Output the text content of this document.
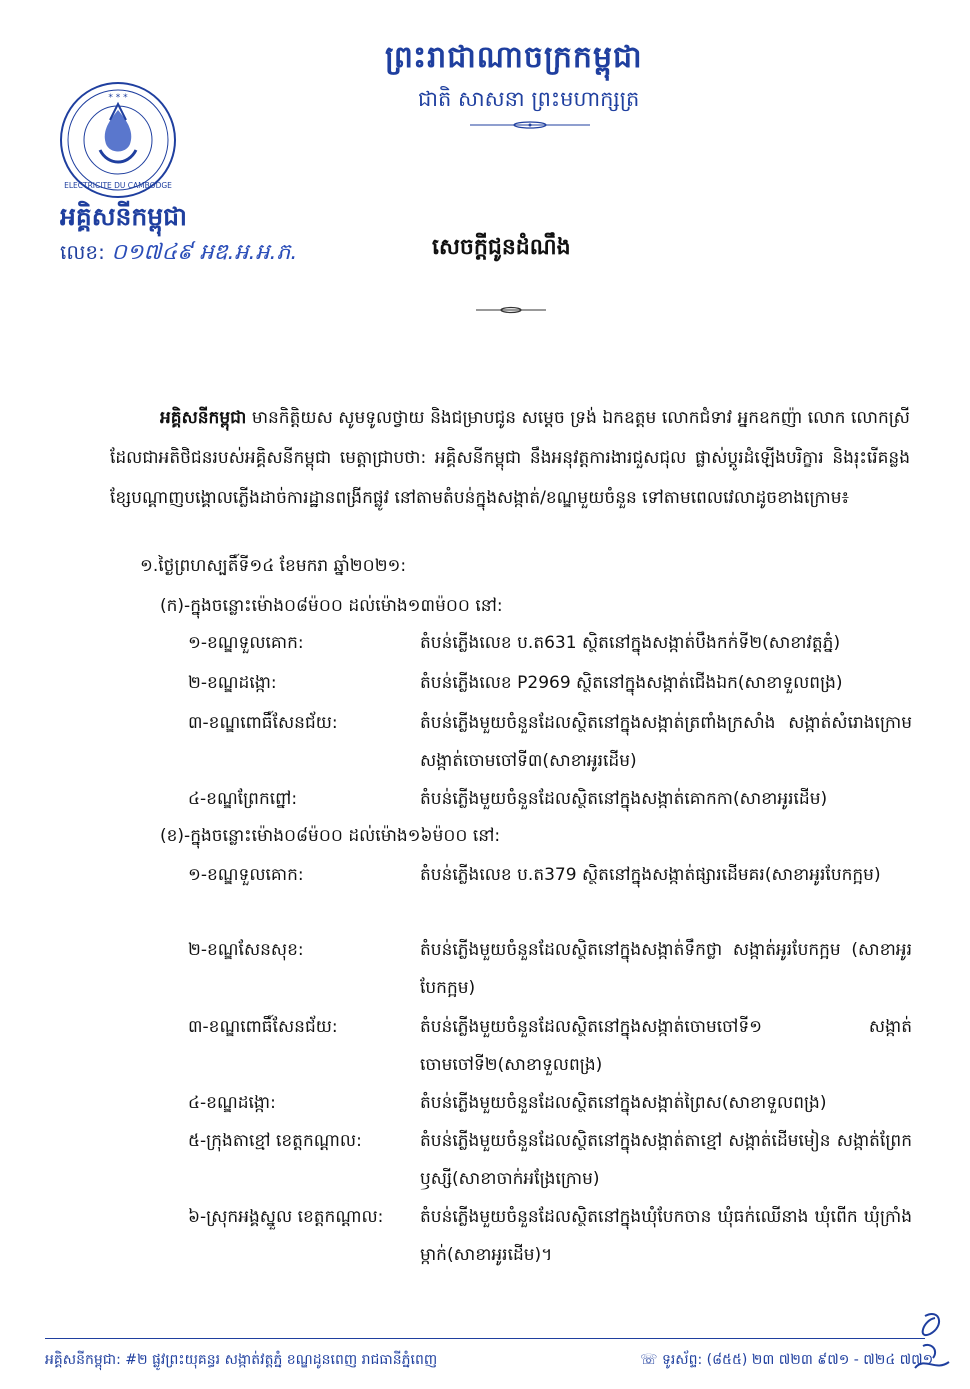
ព្រះរាជាណាចក្រកម្ពុជា
ជាតិ សាសនា ព្រះមហាក្សត្រ
* * *
ELECTRICITE DU CAMBODGE
អគ្គិសនីកម្ពុជា
លេខ: ០១៧៤៩ អឌ.អ.អ.ភ.	សេចក្តីជូនដំណឹង
អគ្គិសនីកម្ពុជា មានកិត្តិយស សូមទូលថ្វាយ និងជម្រាបជូន សម្តេច ទ្រង់ ឯកឧត្តម លោកជំទាវ អ្នកឧកញ៉ា លោក លោកស្រី ដែលជាអតិថិជនរបស់អគ្គិសនីកម្ពុជា មេត្តាជ្រាបថា: អគ្គិសនីកម្ពុជា នឹងអនុវត្តការងារជួសជុល ផ្លាស់ប្តូរដំឡើងបរិក្ខារ និងរុះរើគន្លងខ្សែបណ្តាញបង្គោលភ្លើងដាច់ការដ្ឋានពង្រីកផ្លូវ នៅតាមតំបន់ក្នុងសង្កាត់/ខណ្ឌមួយចំនួន ទៅតាមពេលវេលាដូចខាងក្រោម៖
១.ថ្ងៃព្រហស្បតិ៍ទី១៤ ខែមករា ឆ្នាំ២០២១:
(ក)-ក្នុងចន្លោះម៉ោង០៨ម៉០០ ដល់ម៉ោង១៣ម៉០០ នៅ:
១-ខណ្ឌទួលគោក:	តំបន់ភ្លើងលេខ ប.ត631 ស្ថិតនៅក្នុងសង្កាត់បឹងកក់ទី២(សាខាវត្តភ្នំ)
២-ខណ្ឌដង្កោ:	តំបន់ភ្លើងលេខ P2969 ស្ថិតនៅក្នុងសង្កាត់ជើងឯក(សាខាទួលពង្រ)
៣-ខណ្ឌពោធិ៍សែនជ័យ:	តំបន់ភ្លើងមួយចំនួនដែលស្ថិតនៅក្នុងសង្កាត់ត្រពាំងក្រសាំង សង្កាត់សំរោងក្រោម សង្កាត់ចោមចៅទី៣(សាខាអូរដើម)
៤-ខណ្ឌព្រែកព្នៅ:	តំបន់ភ្លើងមួយចំនួនដែលស្ថិតនៅក្នុងសង្កាត់គោកកា(សាខាអូរដើម)
(ខ)-ក្នុងចន្លោះម៉ោង០៨ម៉០០ ដល់ម៉ោង១៦ម៉០០ នៅ:
១-ខណ្ឌទួលគោក:	តំបន់ភ្លើងលេខ ប.ត379 ស្ថិតនៅក្នុងសង្កាត់ផ្សារដើមគរ(សាខាអូរបែកក្អម)
២-ខណ្ឌសែនសុខ:	តំបន់ភ្លើងមួយចំនួនដែលស្ថិតនៅក្នុងសង្កាត់ទឹកថ្លា សង្កាត់អូរបែកក្អម (សាខាអូរបែកក្អម)
៣-ខណ្ឌពោធិ៍សែនជ័យ:	តំបន់ភ្លើងមួយចំនួនដែលស្ថិតនៅក្នុងសង្កាត់ចោមចៅទី១ សង្កាត់ចោមចៅទី២(សាខាទួលពង្រ)
៤-ខណ្ឌដង្កោ:	តំបន់ភ្លើងមួយចំនួនដែលស្ថិតនៅក្នុងសង្កាត់ព្រៃស(សាខាទួលពង្រ)
៥-ក្រុងតាខ្មៅ ខេត្តកណ្តាល:	តំបន់ភ្លើងមួយចំនួនដែលស្ថិតនៅក្នុងសង្កាត់តាខ្មៅ សង្កាត់ដើមមៀន សង្កាត់ព្រែកឫស្សី(សាខាចាក់អង្រែក្រោម)
៦-ស្រុកអង្គស្នួល ខេត្តកណ្តាល: តំបន់ភ្លើងមួយចំនួនដែលស្ថិតនៅក្នុងឃុំបែកចាន ឃុំធក់ឈើនាង ឃុំពើក ឃុំក្រាំងម្កាក់(សាខាអូរដើម)។
អគ្គិសនីកម្ពុជា: #២ ផ្លូវព្រះយុគន្ធរ សង្កាត់វត្តភ្នំ ខណ្ឌដូនពេញ រាជធានីភ្នំពេញ	☏ ទូរស័ព្ទ: (៨៥៥) ២៣ ៧២៣ ៩៧១ - ៧២៤ ៧៧១
